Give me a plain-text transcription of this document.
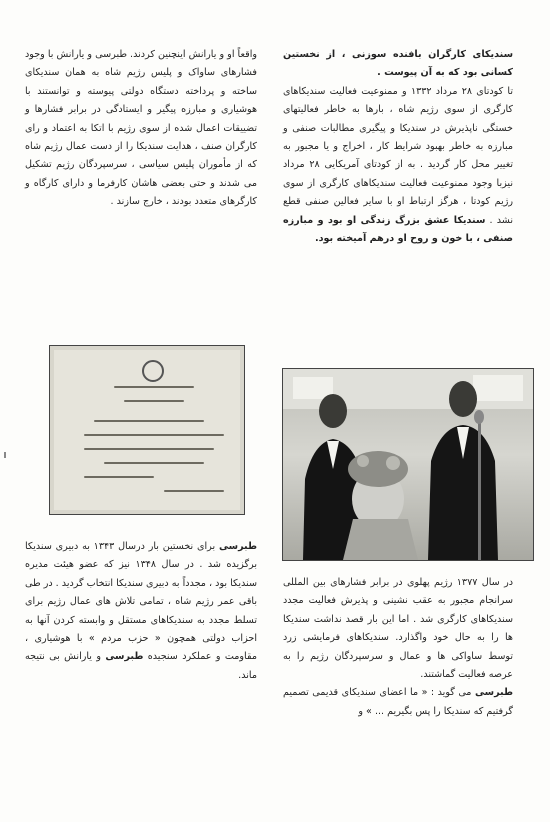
سندیکای کارگران بافنده سوزنی ، از نخستین کسانی بود که به آن پیوست .

تا کودتای ۲۸ مرداد ۱۳۳۲ و ممنوعیت فعالیت سندیکاهای کارگری از سوی رژیم شاه ، بارها به خاطر فعالیتهای خستگی ناپذیرش در سندیکا و پیگیری مطالبات صنفی و مبارزه به خاطر بهبود شرایط کار ، اخراج و یا مجبور به تغییر محل کار گردید . به از کودتای آمریکایی ۲۸ مرداد نیزبا وجود ممنوعیت فعالیت سندیکاهای کارگری از سوی رژیم کودتا ، هرگز ارتباط او با سایر فعالین صنفی قطع نشد . سندیکا عشق بزرگ زندگی او بود و مبارزه صنفی ، با خون و روح او درهم آمیخته بود.

در سال ۱۳۷۷ رژیم پهلوی در برابر فشارهای بین المللی سرانجام مجبور به عقب نشینی و پذیرش فعالیت مجدد سندیکاهای کارگری شد . اما این بار قصد نداشت سندیکا ها را به حال خود واگذارد. سندیکاهای فرمایشی زرد توسط ساواکی ها و عمال و سرسپردگان رژیم را به عرصه فعالیت گماشتند.

طبرسی می گوید : « ما اعضای سندیکای قدیمی تصمیم گرفتیم که سندیکا را پس بگیریم ... » و

واقعاً او و یارانش اینچنین کردند. طبرسی و یارانش با وجود فشارهای ساواک و پلیس رژیم شاه به همان سندیکای ساخته و پرداخته دستگاه دولتی پیوسته و توانستند با هوشیاری و مبارزه پیگیر و ایستادگی در برابر فشارها و تضییقات اعمال شده از سوی رژیم با اتکا به اعتماد و رای کارگران صنف ، هدایت سندیکا را از دست عمال رژیم شاه که از مأموران پلیس سیاسی ، سرسپردگان رژیم تشکیل می شدند و حتی بعضی هاشان کارفرما و دارای کارگاه و کارگرهای متعدد بودند ، خارج سازند .

طبرسی برای نخستین بار درسال ۱۳۴۳ به دبیری سندیکا برگزیده شد . در سال ۱۳۴۸ نیز که عضو هیئت مدیره سندیکا بود ، مجدداً به دبیری سندیکا انتخاب گردید . در طی باقی عمر رژیم شاه ، تمامی تلاش های عمال رژیم برای تسلط مجدد به سندیکاهای مستقل و وابسته کردن آنها به احزاب دولتی همچون « حزب مردم » با هوشیاری ، مقاومت و عملکرد سنجیده طبرسی و یارانش بی نتیجه ماند.
